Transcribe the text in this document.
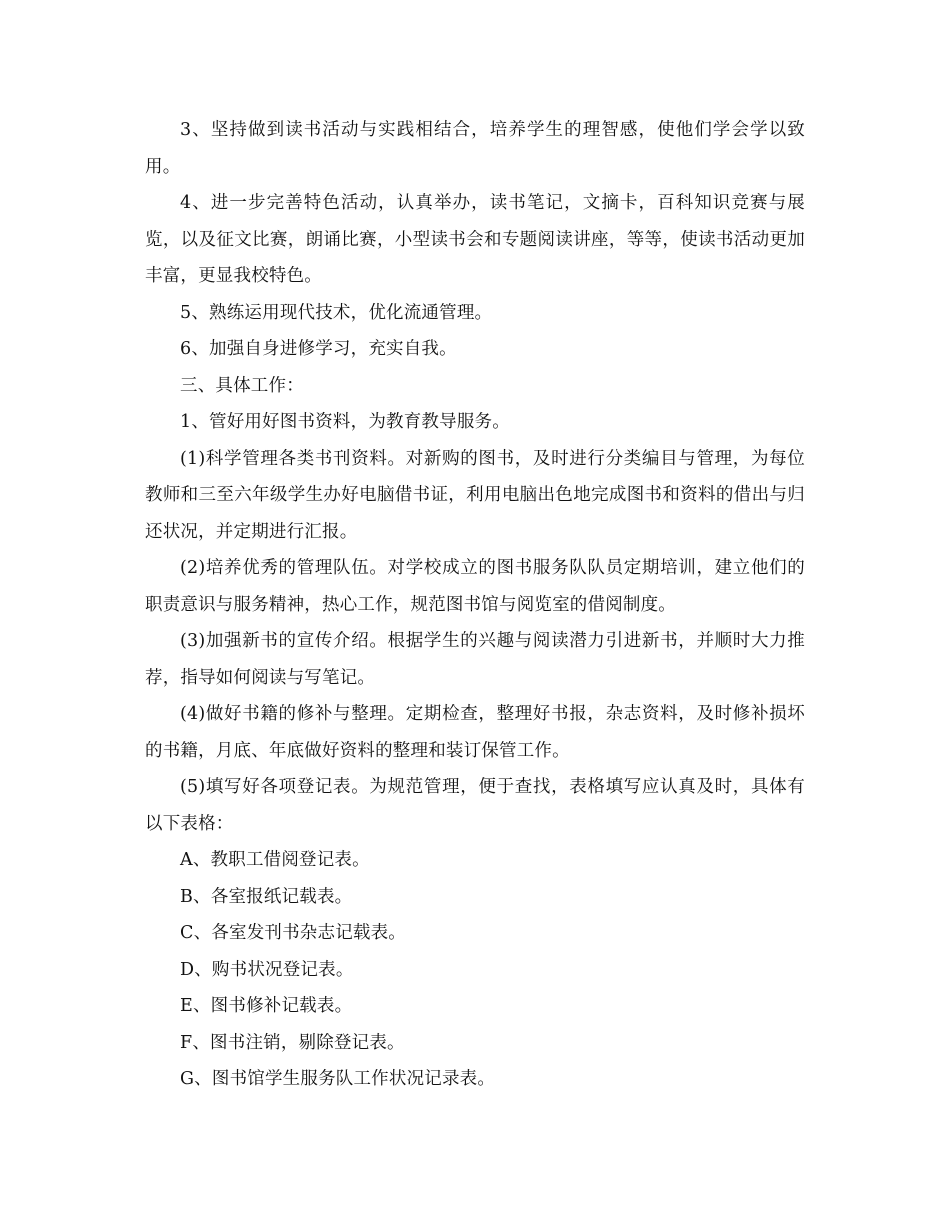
3、坚持做到读书活动与实践相结合，培养学生的理智感，使他们学会学以致用。

4、进一步完善特色活动，认真举办，读书笔记，文摘卡，百科知识竞赛与展览，以及征文比赛，朗诵比赛，小型读书会和专题阅读讲座，等等，使读书活动更加丰富，更显我校特色。

5、熟练运用现代技术，优化流通管理。

6、加强自身进修学习，充实自我。

三、具体工作：

1、管好用好图书资料，为教育教导服务。

(1)科学管理各类书刊资料。对新购的图书，及时进行分类编目与管理，为每位教师和三至六年级学生办好电脑借书证，利用电脑出色地完成图书和资料的借出与归还状况，并定期进行汇报。

(2)培养优秀的管理队伍。对学校成立的图书服务队队员定期培训，建立他们的职责意识与服务精神，热心工作，规范图书馆与阅览室的借阅制度。

(3)加强新书的宣传介绍。根据学生的兴趣与阅读潜力引进新书，并顺时大力推荐，指导如何阅读与写笔记。

(4)做好书籍的修补与整理。定期检查，整理好书报，杂志资料，及时修补损坏的书籍，月底、年底做好资料的整理和装订保管工作。

(5)填写好各项登记表。为规范管理，便于查找，表格填写应认真及时，具体有以下表格：

A、教职工借阅登记表。

B、各室报纸记载表。

C、各室发刊书杂志记载表。

D、购书状况登记表。

E、图书修补记载表。

F、图书注销，剔除登记表。

G、图书馆学生服务队工作状况记录表。
